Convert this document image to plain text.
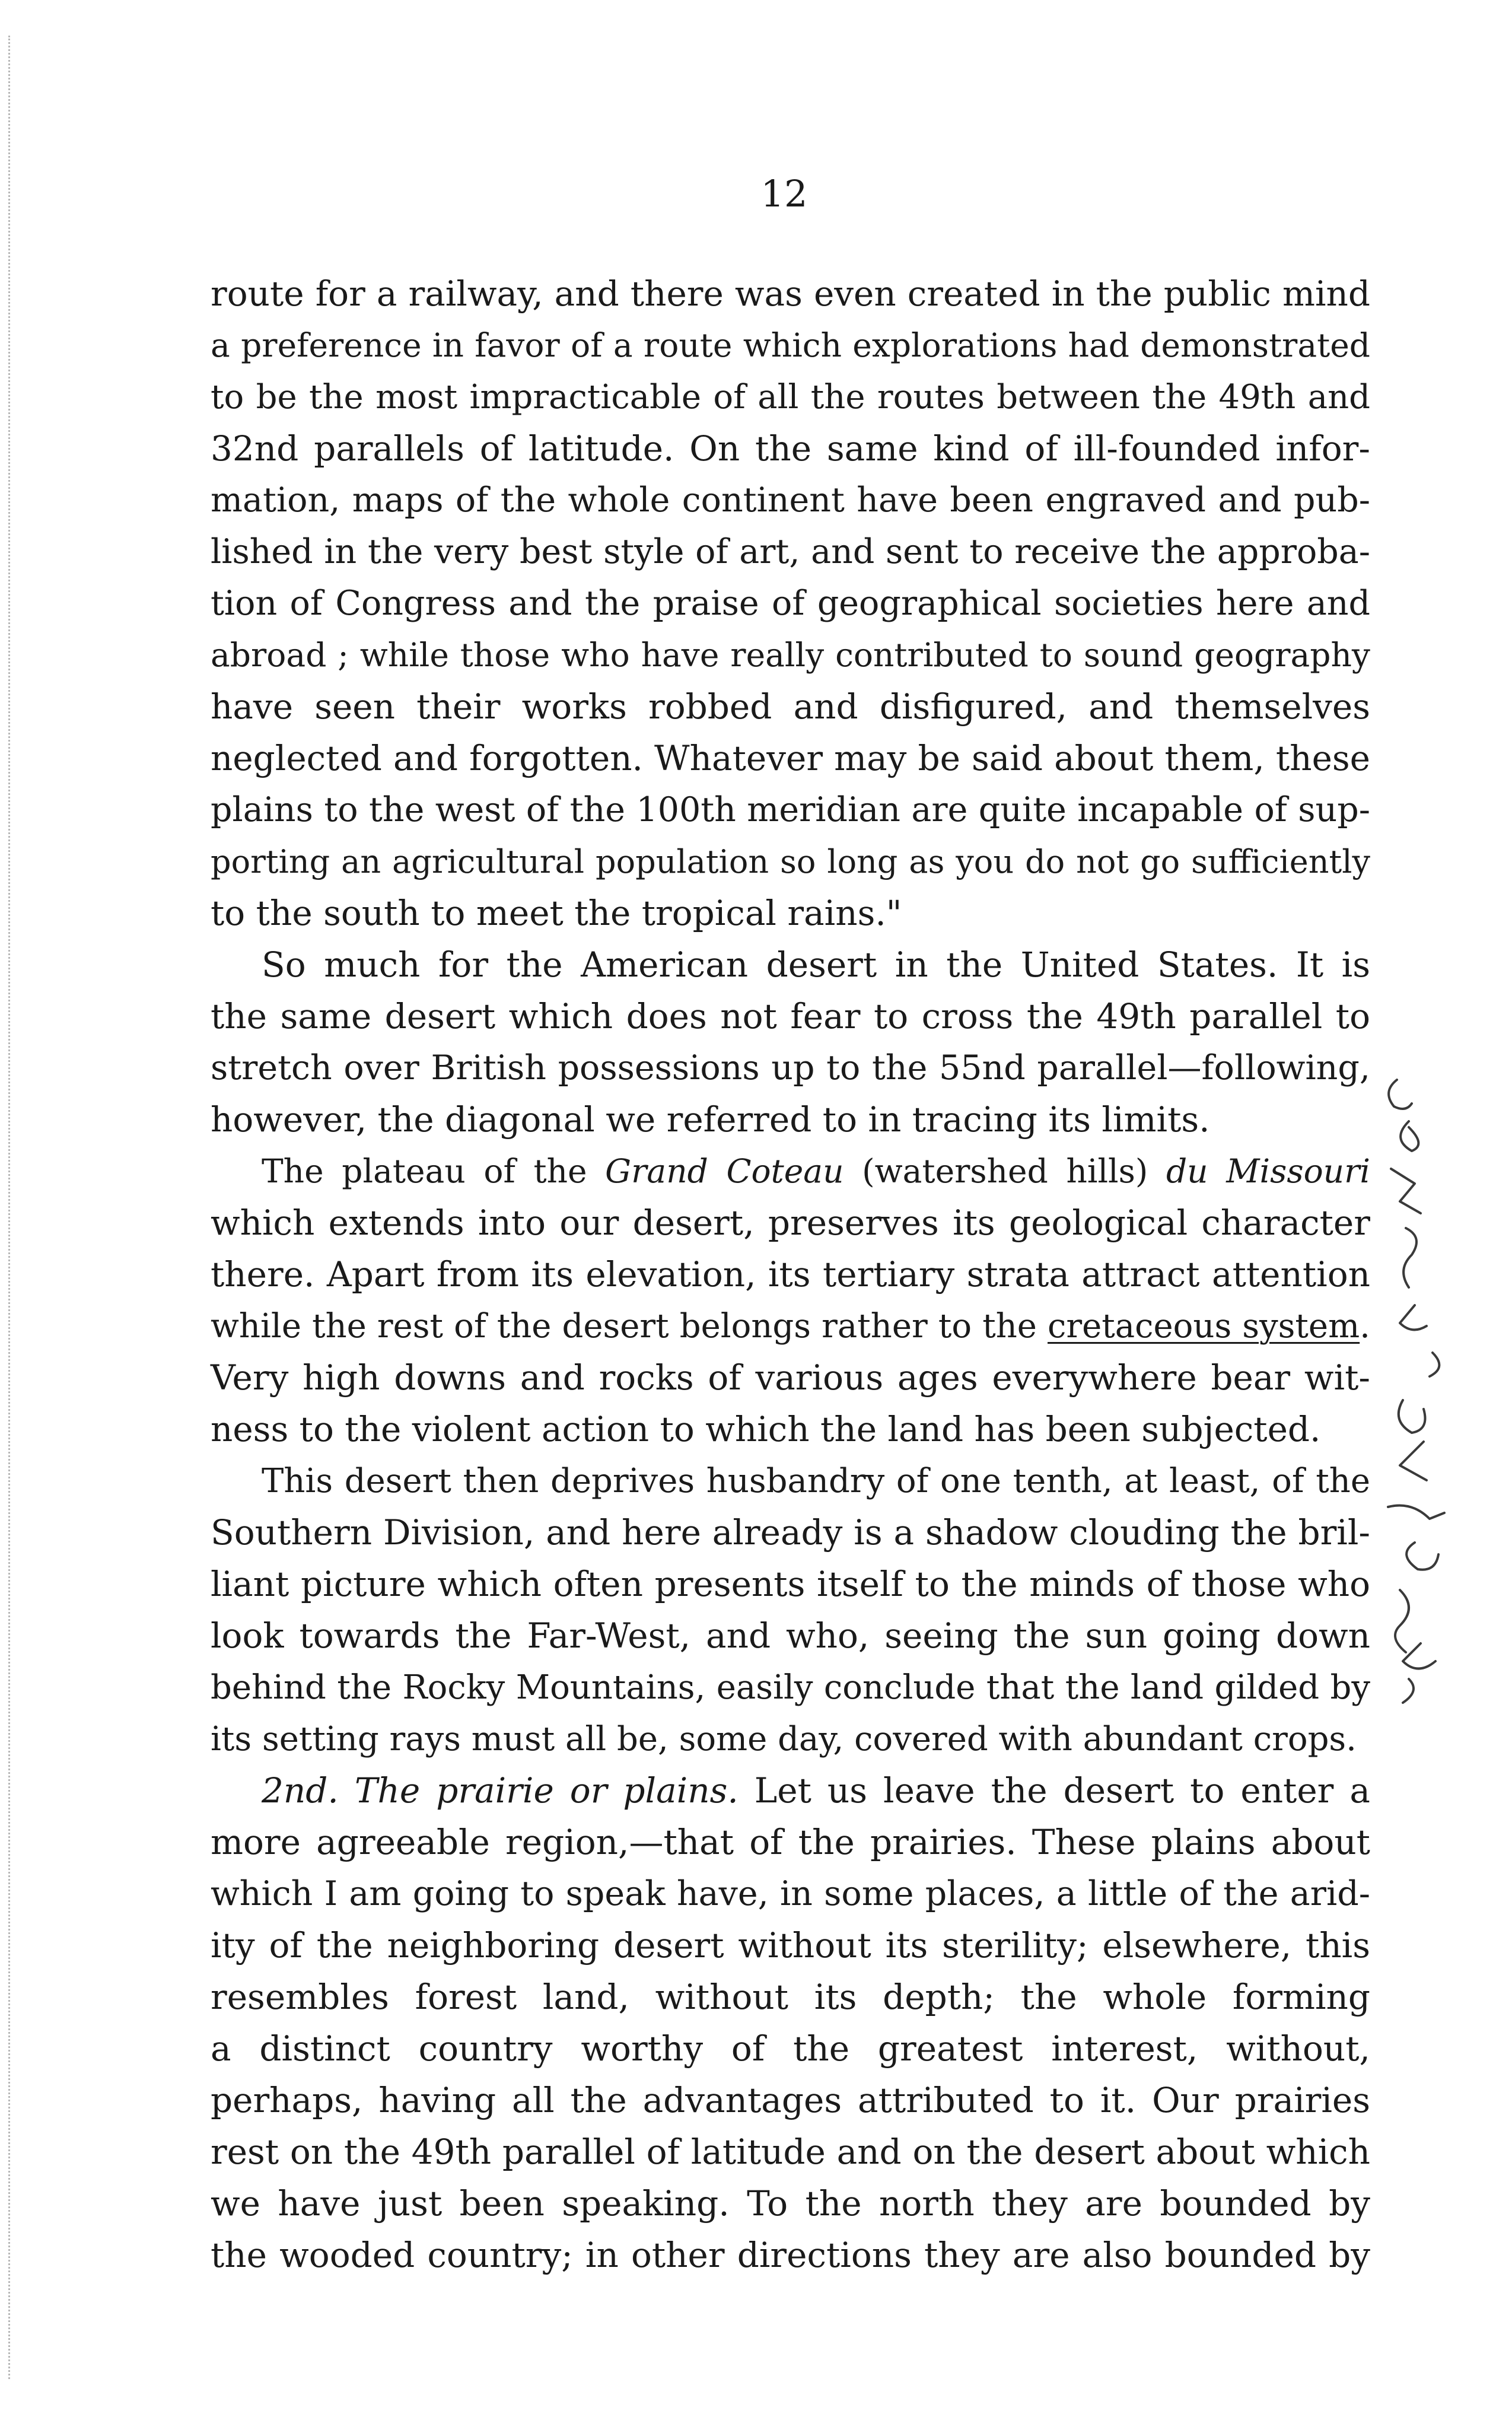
12
route for a railway, and there was even created in the public mind
a preference in favor of a route which explorations had demonstrated
to be the most impracticable of all the routes between the 49th and
32nd parallels of latitude. On the same kind of ill-founded infor-
mation, maps of the whole continent have been engraved and pub-
lished in the very best style of art, and sent to receive the approba-
tion of Congress and the praise of geographical societies here and
abroad ; while those who have really contributed to sound geography
have seen their works robbed and disfigured, and themselves
neglected and forgotten. Whatever may be said about them, these
plains to the west of the 100th meridian are quite incapable of sup-
porting an agricultural population so long as you do not go sufficiently
to the south to meet the tropical rains."
So much for the American desert in the United States. It is
the same desert which does not fear to cross the 49th parallel to
stretch over British possessions up to the 55nd parallel—following,
however, the diagonal we referred to in tracing its limits.
The plateau of the Grand Coteau (watershed hills) du Missouri
which extends into our desert, preserves its geological character
there. Apart from its elevation, its tertiary strata attract attention
while the rest of the desert belongs rather to the cretaceous system.
Very high downs and rocks of various ages everywhere bear wit-
ness to the violent action to which the land has been subjected.
This desert then deprives husbandry of one tenth, at least, of the
Southern Division, and here already is a shadow clouding the bril-
liant picture which often presents itself to the minds of those who
look towards the Far-West, and who, seeing the sun going down
behind the Rocky Mountains, easily conclude that the land gilded by
its setting rays must all be, some day, covered with abundant crops.
2nd. The prairie or plains. Let us leave the desert to enter a
more agreeable region,—that of the prairies. These plains about
which I am going to speak have, in some places, a little of the arid-
ity of the neighboring desert without its sterility; elsewhere, this
resembles forest land, without its depth; the whole forming
a distinct country worthy of the greatest interest, without,
perhaps, having all the advantages attributed to it. Our prairies
rest on the 49th parallel of latitude and on the desert about which
we have just been speaking. To the north they are bounded by
the wooded country; in other directions they are also bounded by
